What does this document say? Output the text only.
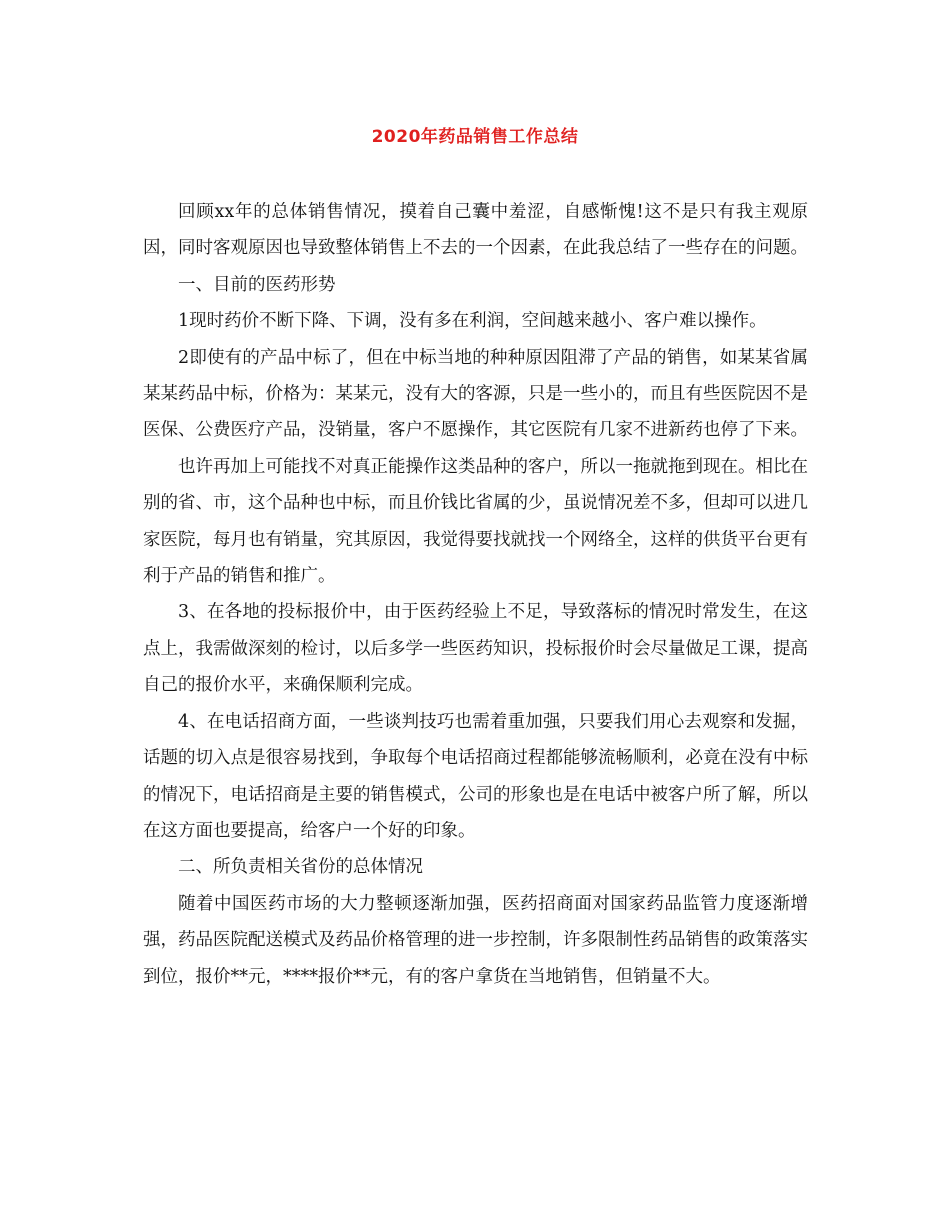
2020年药品销售工作总结

回顾xx年的总体销售情况，摸着自己囊中羞涩，自感惭愧!这不是只有我主观原因，同时客观原因也导致整体销售上不去的一个因素，在此我总结了一些存在的问题。

一、目前的医药形势

1现时药价不断下降、下调，没有多在利润，空间越来越小、客户难以操作。

2即使有的产品中标了，但在中标当地的种种原因阻滞了产品的销售，如某某省属某某药品中标，价格为：某某元，没有大的客源，只是一些小的，而且有些医院因不是医保、公费医疗产品，没销量，客户不愿操作，其它医院有几家不进新药也停了下来。

也许再加上可能找不对真正能操作这类品种的客户，所以一拖就拖到现在。相比在别的省、市，这个品种也中标，而且价钱比省属的少，虽说情况差不多，但却可以进几家医院，每月也有销量，究其原因，我觉得要找就找一个网络全，这样的供货平台更有利于产品的销售和推广。

3、在各地的投标报价中，由于医药经验上不足，导致落标的情况时常发生，在这点上，我需做深刻的检讨，以后多学一些医药知识，投标报价时会尽量做足工课，提高自己的报价水平，来确保顺利完成。

4、在电话招商方面，一些谈判技巧也需着重加强，只要我们用心去观察和发掘，话题的切入点是很容易找到，争取每个电话招商过程都能够流畅顺利，必竟在没有中标的情况下，电话招商是主要的销售模式，公司的形象也是在电话中被客户所了解，所以在这方面也要提高，给客户一个好的印象。

二、所负责相关省份的总体情况

随着中国医药市场的大力整顿逐渐加强，医药招商面对国家药品监管力度逐渐增强，药品医院配送模式及药品价格管理的进一步控制，许多限制性药品销售的政策落实到位，报价**元，****报价**元，有的客户拿货在当地销售，但销量不大。
